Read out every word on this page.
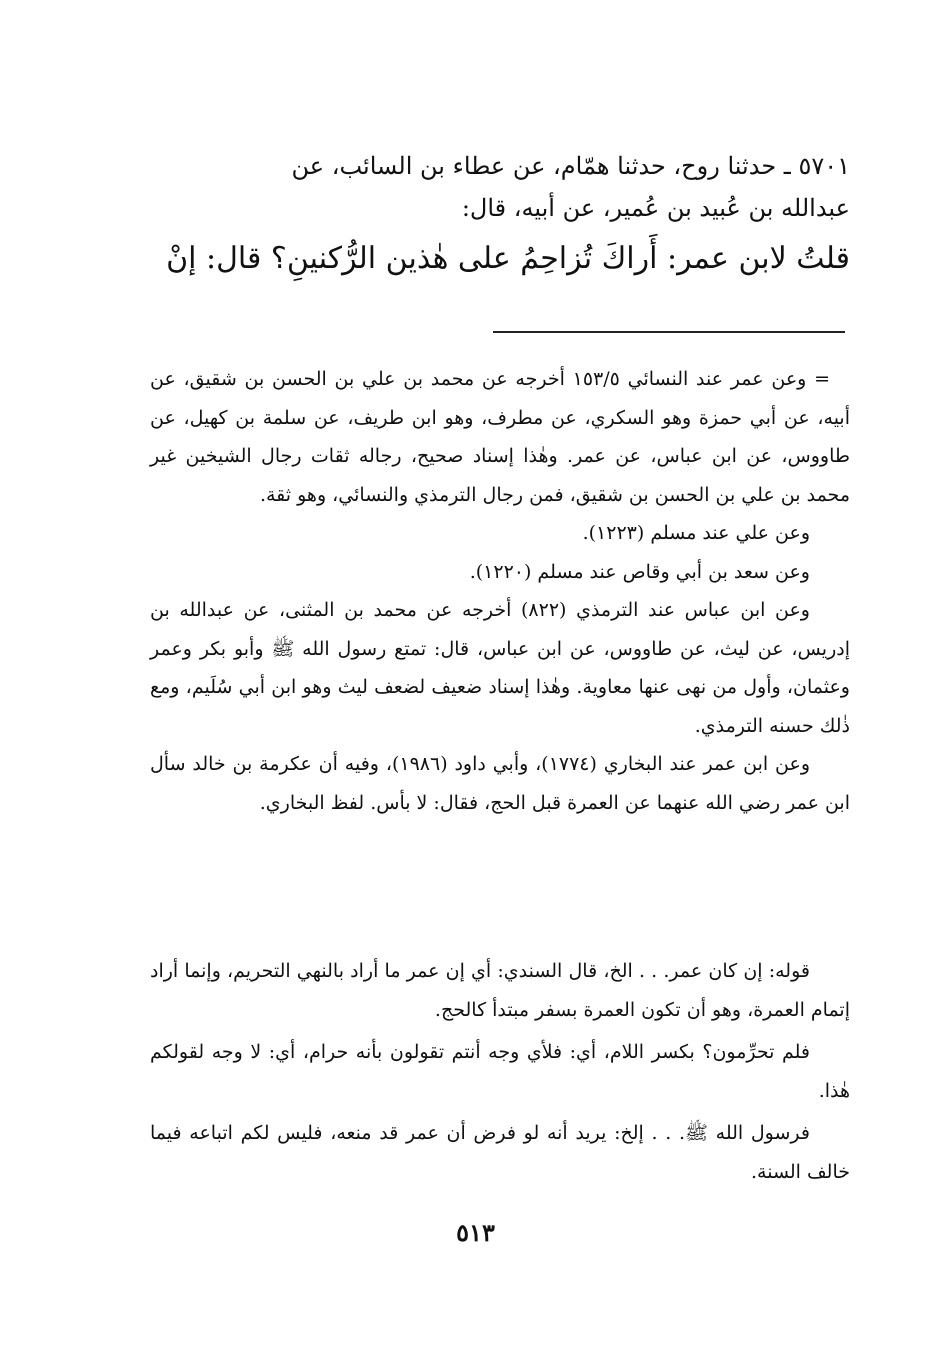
٥٧٠١ ـ حدثنا روح، حدثنا همّام، عن عطاء بن السائب، عن

عبدالله بن عُبيد بن عُمير، عن أبيه، قال:

قلتُ لابن عمر: أَراكَ تُزاحِمُ على هٰذين الرُّكنينِ؟ قال: إنْ

= وعن عمر عند النسائي ١٥٣/٥ أخرجه عن محمد بن علي بن الحسن بن شقيق، عن أبيه، عن أبي حمزة وهو السكري، عن مطرف، وهو ابن طريف، عن سلمة بن كهيل، عن طاووس، عن ابن عباس، عن عمر. وهٰذا إسناد صحيح، رجاله ثقات رجال الشيخين غير محمد بن علي بن الحسن بن شقيق، فمن رجال الترمذي والنسائي، وهو ثقة.

وعن علي عند مسلم (١٢٢٣).

وعن سعد بن أبي وقاص عند مسلم (١٢٢٠).

وعن ابن عباس عند الترمذي (٨٢٢) أخرجه عن محمد بن المثنى، عن عبدالله بن إدريس، عن ليث، عن طاووس، عن ابن عباس، قال: تمتع رسول الله ﷺ وأبو بكر وعمر وعثمان، وأول من نهى عنها معاوية. وهٰذا إسناد ضعيف لضعف ليث وهو ابن أبي سُلَيم، ومع ذٰلك حسنه الترمذي.

وعن ابن عمر عند البخاري (١٧٧٤)، وأبي داود (١٩٨٦)، وفيه أن عكرمة بن خالد سأل ابن عمر رضي الله عنهما عن العمرة قبل الحج، فقال: لا بأس. لفظ البخاري.

قوله: إن كان عمر. . . الخ، قال السندي: أي إن عمر ما أراد بالنهي التحريم، وإنما أراد إتمام العمرة، وهو أن تكون العمرة بسفر مبتدأ كالحج.

فلم تحرِّمون؟ بكسر اللام، أي: فلأي وجه أنتم تقولون بأنه حرام، أي: لا وجه لقولكم هٰذا.

فرسول الله ﷺ. . . إلخ: يريد أنه لو فرض أن عمر قد منعه، فليس لكم اتباعه فيما خالف السنة.

٥١٣
